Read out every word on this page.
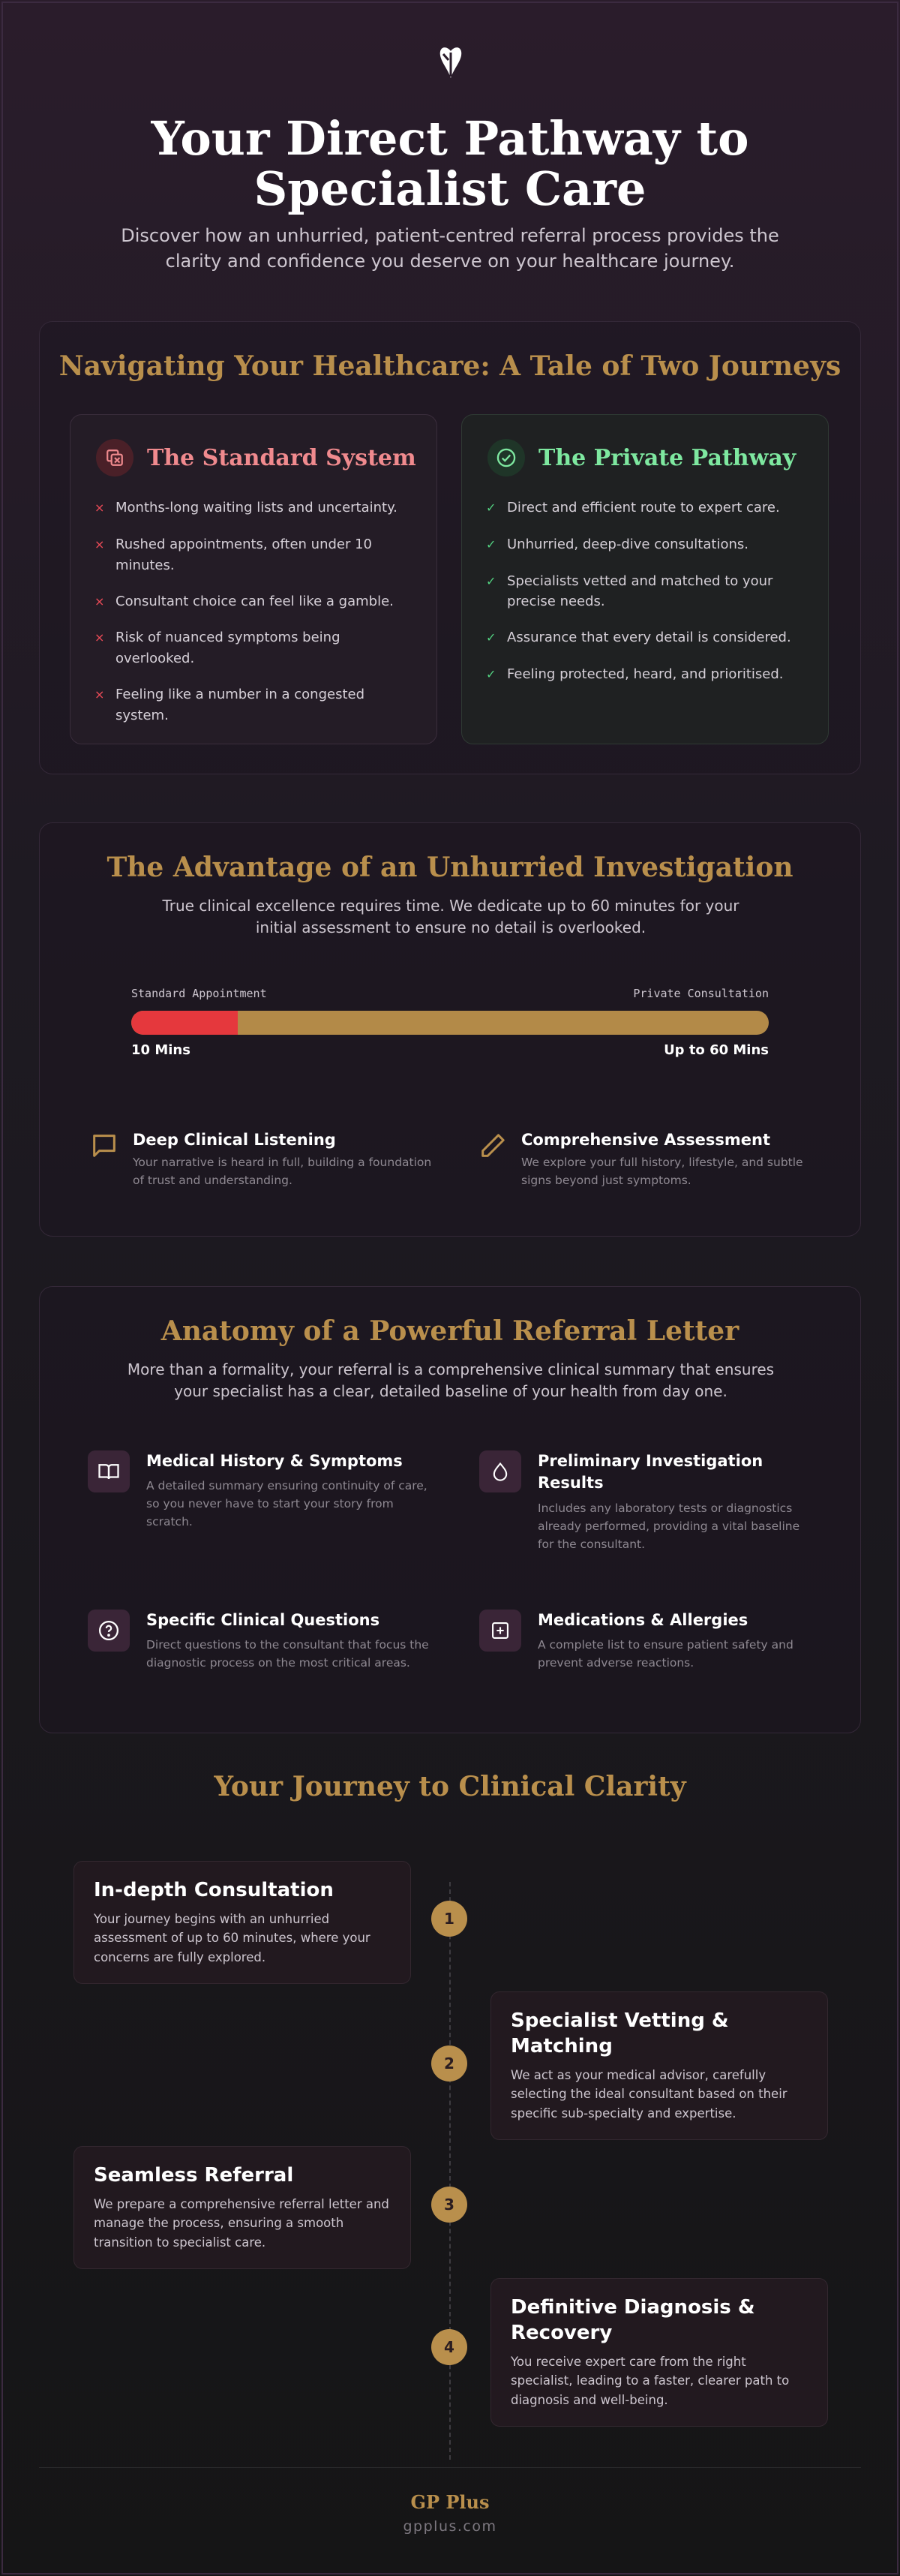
Your Direct Pathway to Specialist Care

Discover how an unhurried, patient-centred referral process provides the clarity and confidence you deserve on your healthcare journey.

Navigating Your Healthcare: A Tale of Two Journeys
The Standard System
× Months-long waiting lists and uncertainty.
× Rushed appointments, often under 10 minutes.
× Consultant choice can feel like a gamble.
× Risk of nuanced symptoms being overlooked.
× Feeling like a number in a congested system.
The Private Pathway
✓ Direct and efficient route to expert care.
✓ Unhurried, deep-dive consultations.
✓ Specialists vetted and matched to your precise needs.
✓ Assurance that every detail is considered.
✓ Feeling protected, heard, and prioritised.
The Advantage of an Unhurried Investigation

True clinical excellence requires time. We dedicate up to 60 minutes for your initial assessment to ensure no detail is overlooked.

Standard Appointment	Private Consultation
10 Mins	Up to 60 Mins
Deep Clinical Listening
Your narrative is heard in full, building a foundation of trust and understanding.
Comprehensive Assessment
We explore your full history, lifestyle, and subtle signs beyond just symptoms.
Anatomy of a Powerful Referral Letter

More than a formality, your referral is a comprehensive clinical summary that ensures your specialist has a clear, detailed baseline of your health from day one.

Medical History & Symptoms
A detailed summary ensuring continuity of care, so you never have to start your story from scratch.
Preliminary Investigation Results
Includes any laboratory tests or diagnostics already performed, providing a vital baseline for the consultant.
Specific Clinical Questions
Direct questions to the consultant that focus the diagnostic process on the most critical areas.
Medications & Allergies
A complete list to ensure patient safety and prevent adverse reactions.
Your Journey to Clinical Clarity
In-depth Consultation
Your journey begins with an unhurried assessment of up to 60 minutes, where your concerns are fully explored.
1
Specialist Vetting & Matching
We act as your medical advisor, carefully selecting the ideal consultant based on their specific sub-specialty and expertise.
2
Seamless Referral
We prepare a comprehensive referral letter and manage the process, ensuring a smooth transition to specialist care.
3
Definitive Diagnosis & Recovery
You receive expert care from the right specialist, leading to a faster, clearer path to diagnosis and well-being.
4
GP Plus
gpplus.com
